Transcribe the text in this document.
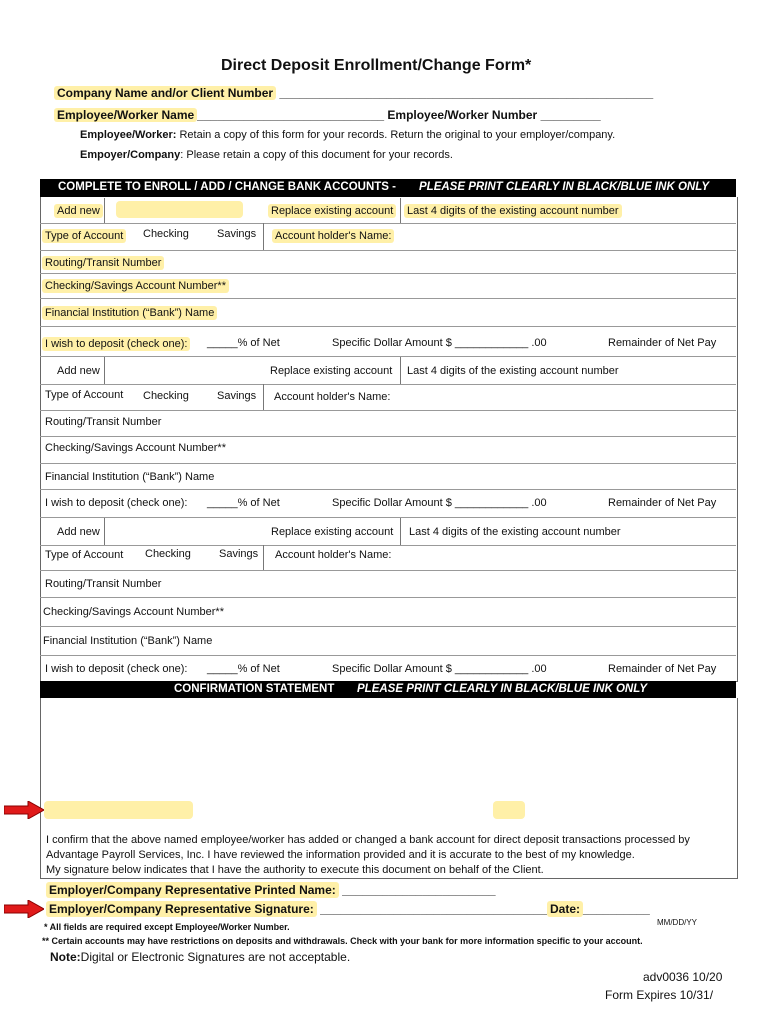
Direct Deposit Enrollment/Change Form*
Company Name and/or Client Number ________________________________________________________
Employee/Worker Name ____________________________ Employee/Worker Number _________
Employee/Worker: Retain a copy of this form for your records. Return the original to your employer/company.
Empoyer/Company: Please retain a copy of this document for your records.
COMPLETE TO ENROLL / ADD / CHANGE BANK ACCOUNTS - PLEASE PRINT CLEARLY IN BLACK/BLUE INK ONLY
Add new	Replace existing account Last 4 digits of the existing account number
Type of Account Checking	Savings Account holder's Name:
Routing/Transit Number
Checking/Savings Account Number**
Financial Institution (“Bank”) Name
I wish to deposit (check one): _____% of Net	Specific Dollar Amount $ ____________ .00	Remainder of Net Pay
Add new	Replace existing account Last 4 digits of the existing account number
Type of Account Checking	Savings Account holder's Name:
Routing/Transit Number
Checking/Savings Account Number**
Financial Institution (“Bank”) Name
I wish to deposit (check one): _____% of Net	Specific Dollar Amount $ ____________ .00	Remainder of Net Pay
Add new	Replace existing account Last 4 digits of the existing account number
Type of Account Checking	Savings Account holder's Name:
Routing/Transit Number
Checking/Savings Account Number**
Financial Institution (“Bank”) Name
I wish to deposit (check one): _____% of Net	Specific Dollar Amount $ ____________ .00	Remainder of Net Pay
CONFIRMATION STATEMENT PLEASE PRINT CLEARLY IN BLACK/BLUE INK ONLY
I confirm that the above named employee/worker has added or changed a bank account for direct deposit transactions processed by
Advantage Payroll Services, Inc. I have reviewed the information provided and it is accurate to the best of my knowledge.
My signature below indicates that I have the authority to execute this document on behalf of the Client.
Employer/Company Representative Printed Name: _______________________
Employer/Company Representative Signature: __________________________________ Date: __________
MM/DD/YY
* All fields are required except Employee/Worker Number.
** Certain accounts may have restrictions on deposits and withdrawals. Check with your bank for more information specific to your account.
Note:Digital or Electronic Signatures are not acceptable.
adv0036 10/20
Form Expires 10/31/
